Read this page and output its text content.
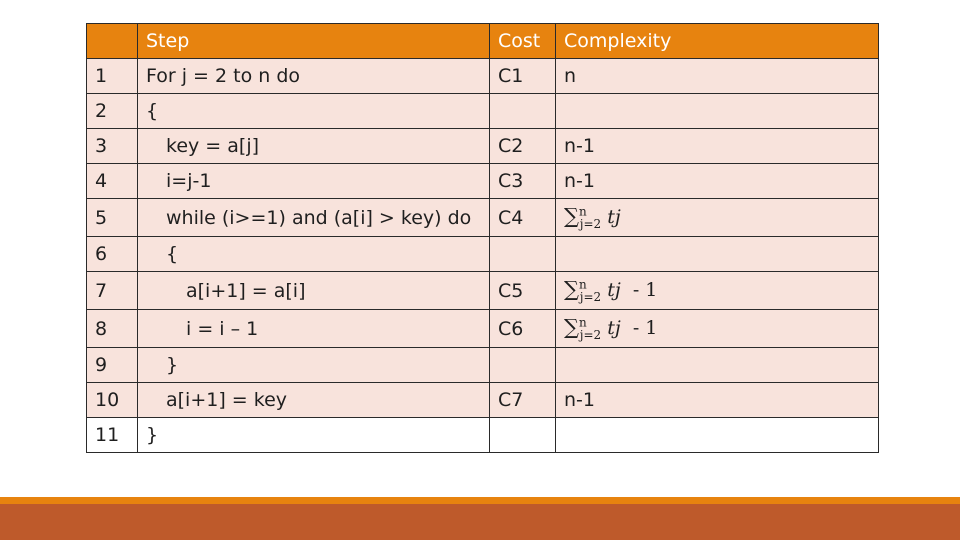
	Step	Cost	Complexity
1	For j = 2 to n do	C1	n
2	{		
3	key = a[j]	C2	n-1
4	i=j-1	C3	n-1
5	while (i>=1) and (a[i] > key) do	C4	∑$^n_{j=2}$ tj
6	{		
7	a[i+1] = a[i]	C5	∑$^n_{j=2}$ tj  - 1
8	i = i – 1	C6	∑$^n_{j=2}$ tj  - 1
9	}		
10	a[i+1] = key	C7	n-1
11	}		
